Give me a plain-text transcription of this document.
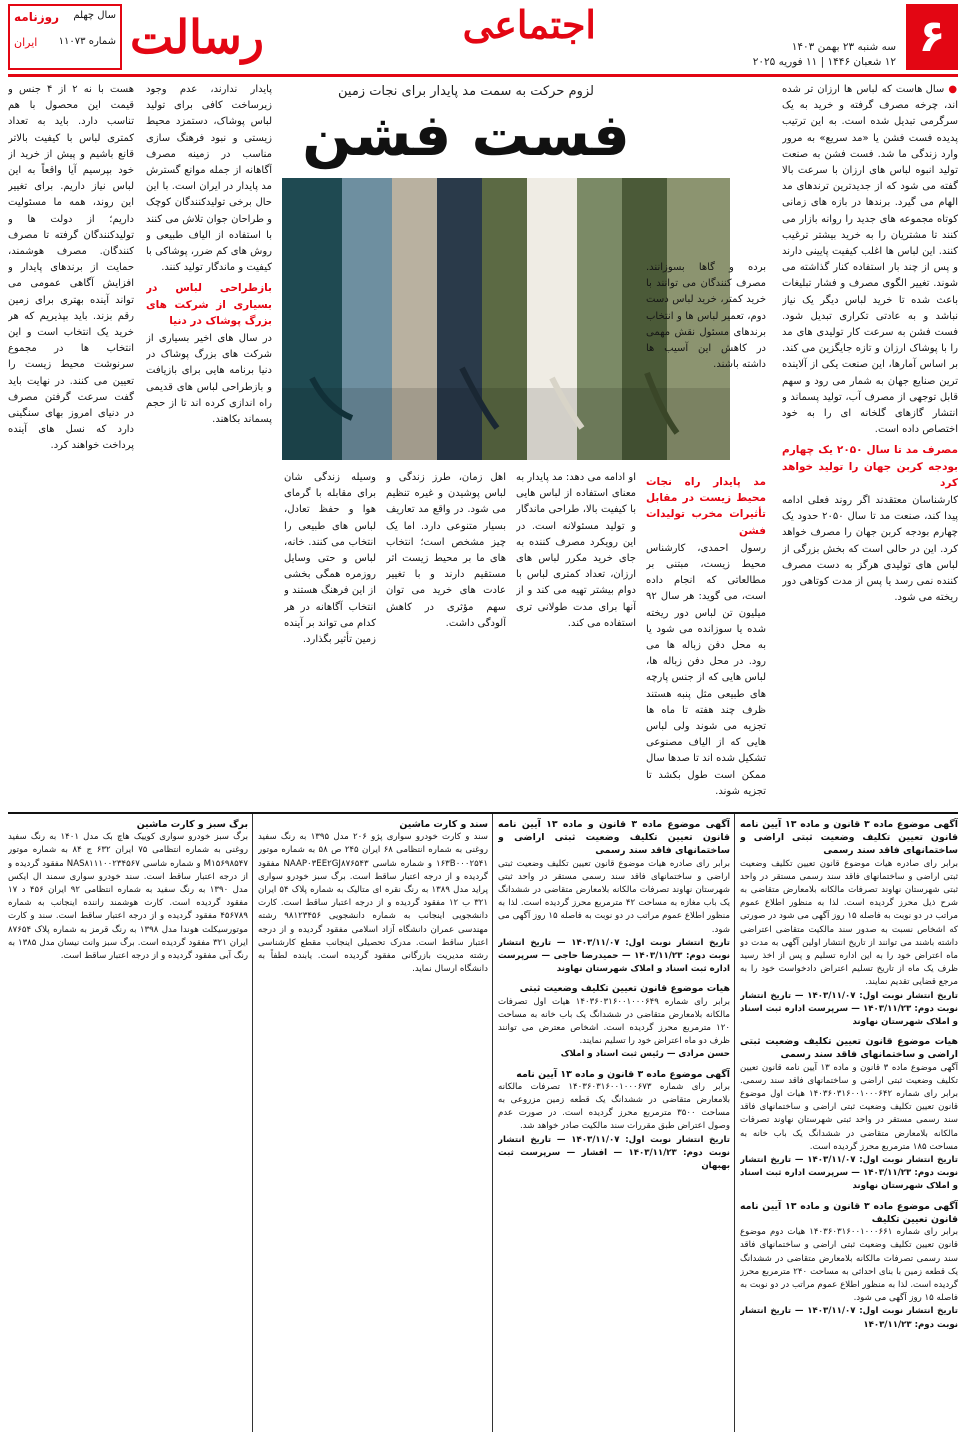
۶
سه شنبه ۲۳ بهمن ۱۴۰۳
۱۲ شعبان ۱۴۴۶ | ۱۱ فوریه ۲۰۲۵
اجتماعی
رسالت
سال چهلم
شماره ۱۱۰۷۳
روزنامه
ایران
لزوم حرکت به سمت مد پایدار برای نجات زمین
فست فشن

● سال هاست که لباس ها ارزان تر شده اند، چرخه مصرف گرفته و خرید به یک سرگرمی تبدیل شده است. به این ترتیب پدیده فست فشن یا «مد سریع» به مرور وارد زندگی ما شد. فست فشن به صنعت تولید انبوه لباس های ارزان با سرعت بالا گفته می شود که از جدیدترین ترندهای مد الهام می گیرد. برندها در بازه های زمانی کوتاه مجموعه های جدید را روانه بازار می کنند تا مشتریان را به خرید بیشتر ترغیب کنند. این لباس ها اغلب کیفیت پایینی دارند و پس از چند بار استفاده کنار گذاشته می شوند. تغییر الگوی مصرف و فشار تبلیغات باعث شده تا خرید لباس دیگر یک نیاز نباشد و به عادتی تکراری تبدیل شود. فست فشن به سرعت کار تولیدی های مد را با پوشاک ارزان و تازه جایگزین می کند. بر اساس آمارها، این صنعت یکی از آلاینده ترین صنایع جهان به شمار می رود و سهم قابل توجهی از مصرف آب، تولید پسماند و انتشار گازهای گلخانه ای را به خود اختصاص داده است.

مصرف مد تا سال ۲۰۵۰ یک چهارم بودجه کربن جهان را تولید خواهد کرد

کارشناسان معتقدند اگر روند فعلی ادامه پیدا کند، صنعت مد تا سال ۲۰۵۰ حدود یک چهارم بودجه کربن جهان را مصرف خواهد کرد. این در حالی است که بخش بزرگی از لباس های تولیدی هرگز به دست مصرف کننده نمی رسد یا پس از مدت کوتاهی دور ریخته می شود.

برده و گاها بسوزانند. مصرف کنندگان می توانند با خرید کمتر، خرید لباس دست دوم، تعمیر لباس ها و انتخاب برندهای مسئول نقش مهمی در کاهش این آسیب ها داشته باشند.

مد پایدار راه نجات محیط زیست در مقابل تأثیرات مخرب تولیدات فشن

رسول احمدی، کارشناس محیط زیست، مبتنی بر مطالعاتی که انجام داده است، می گوید: هر سال ۹۲ میلیون تن لباس دور ریخته شده یا سوزانده می شود یا به محل دفن زباله ها می رود. در محل دفن زباله ها، لباس هایی که از جنس پارچه های طبیعی مثل پنبه هستند ظرف چند هفته تا ماه ها تجزیه می شوند ولی لباس هایی که از الیاف مصنوعی تشکیل شده اند تا صدها سال ممکن است طول بکشد تا تجزیه شوند.

او ادامه می دهد: مد پایدار به معنای استفاده از لباس هایی با کیفیت بالا، طراحی ماندگار و تولید مسئولانه است. در این رویکرد مصرف کننده به جای خرید مکرر لباس های ارزان، تعداد کمتری لباس با دوام بیشتر تهیه می کند و از آنها برای مدت طولانی تری استفاده می کند.

اهل زمان، طرز زندگی و لباس پوشیدن و غیره تنظیم می شود. در واقع مد تعاریف بسیار متنوعی دارد. اما یک چیز مشخص است؛ انتخاب های ما بر محیط زیست اثر مستقیم دارند و با تغییر عادت های خرید می توان سهم مؤثری در کاهش آلودگی داشت.

وسیله زندگی شان برای مقابله با گرمای هوا و حفظ تعادل، لباس های طبیعی را انتخاب می کنند. خانه، لباس و حتی وسایل روزمره همگی بخشی از این فرهنگ هستند و انتخاب آگاهانه در هر کدام می تواند بر آینده زمین تأثیر بگذارد.

پایدار ندارند، عدم وجود زیرساخت کافی برای تولید لباس پوشاک، دستمزد محیط زیستی و نبود فرهنگ سازی مناسب در زمینه مصرف آگاهانه از جمله موانع گسترش مد پایدار در ایران است. با این حال برخی تولیدکنندگان کوچک و طراحان جوان تلاش می کنند با استفاده از الیاف طبیعی و روش های کم ضرر، پوشاکی با کیفیت و ماندگار تولید کنند.

بازطراحی لباس در بسیاری از شرکت های بزرگ پوشاک در دنیا

در سال های اخیر بسیاری از شرکت های بزرگ پوشاک در دنیا برنامه هایی برای بازیافت و بازطراحی لباس های قدیمی راه اندازی کرده اند تا از حجم پسماند بکاهند.

هست با نه ۲ از ۴ جنس و قیمت این محصول با هم تناسب دارد. باید به تعداد کمتری لباس با کیفیت بالاتر قانع باشیم و پیش از خرید از خود بپرسیم آیا واقعاً به این لباس نیاز داریم. برای تغییر این روند، همه ما مسئولیت داریم؛ از دولت ها و تولیدکنندگان گرفته تا مصرف کنندگان. مصرف هوشمند، حمایت از برندهای پایدار و افزایش آگاهی عمومی می تواند آینده بهتری برای زمین رقم بزند. باید بپذیریم که هر خرید یک انتخاب است و این انتخاب ها در مجموع سرنوشت محیط زیست را تعیین می کنند. در نهایت باید گفت سرعت گرفتن مصرف در دنیای امروز بهای سنگینی دارد که نسل های آینده پرداخت خواهند کرد.

آگهی موضوع ماده ۳ قانون و ماده ۱۳ آیین نامه قانون تعیین تکلیف وضعیت ثبتی اراضی و ساختمانهای فاقد سند رسمی
برابر رای صادره هیات موضوع قانون تعیین تکلیف وضعیت ثبتی اراضی و ساختمانهای فاقد سند رسمی مستقر در واحد ثبتی شهرستان نهاوند تصرفات مالکانه بلامعارض متقاضی به شرح ذیل محرز گردیده است. لذا به منظور اطلاع عموم مراتب در دو نوبت به فاصله ۱۵ روز آگهی می شود در صورتی که اشخاص نسبت به صدور سند مالکیت متقاضی اعتراضی داشته باشند می توانند از تاریخ انتشار اولین آگهی به مدت دو ماه اعتراض خود را به این اداره تسلیم و پس از اخذ رسید ظرف یک ماه از تاریخ تسلیم اعتراض دادخواست خود را به مرجع قضایی تقدیم نمایند.
تاریخ انتشار نوبت اول: ۱۴۰۳/۱۱/۰۷ — تاریخ انتشار نوبت دوم: ۱۴۰۳/۱۱/۲۳ — سرپرست اداره ثبت اسناد و املاک شهرستان نهاوند
هیات موضوع قانون تعیین تکلیف وضعیت ثبتی اراضی و ساختمانهای فاقد سند رسمی
آگهی موضوع ماده ۳ قانون و ماده ۱۳ آیین نامه قانون تعیین تکلیف وضعیت ثبتی اراضی و ساختمانهای فاقد سند رسمی. برابر رای شماره ۱۴۰۳۶۰۳۱۶۰۰۱۰۰۰۶۴۲ هیات اول موضوع قانون تعیین تکلیف وضعیت ثبتی اراضی و ساختمانهای فاقد سند رسمی مستقر در واحد ثبتی شهرستان نهاوند تصرفات مالکانه بلامعارض متقاضی در ششدانگ یک باب خانه به مساحت ۱۸۵ مترمربع محرز گردیده است.
تاریخ انتشار نوبت اول: ۱۴۰۳/۱۱/۰۷ — تاریخ انتشار نوبت دوم: ۱۴۰۳/۱۱/۲۳ — سرپرست اداره ثبت اسناد و املاک شهرستان نهاوند
آگهی موضوع ماده ۳ قانون و ماده ۱۳ آیین نامه قانون تعیین تکلیف
برابر رای شماره ۱۴۰۳۶۰۳۱۶۰۰۱۰۰۰۶۶۱ هیات دوم موضوع قانون تعیین تکلیف وضعیت ثبتی اراضی و ساختمانهای فاقد سند رسمی تصرفات مالکانه بلامعارض متقاضی در ششدانگ یک قطعه زمین با بنای احداثی به مساحت ۲۴۰ مترمربع محرز گردیده است. لذا به منظور اطلاع عموم مراتب در دو نوبت به فاصله ۱۵ روز آگهی می شود.
تاریخ انتشار نوبت اول: ۱۴۰۳/۱۱/۰۷ — تاریخ انتشار نوبت دوم: ۱۴۰۳/۱۱/۲۳
آگهی موضوع ماده ۳ قانون و ماده ۱۳ آیین نامه قانون تعیین تکلیف وضعیت ثبتی اراضی و ساختمانهای فاقد سند رسمی
برابر رای صادره هیات موضوع قانون تعیین تکلیف وضعیت ثبتی اراضی و ساختمانهای فاقد سند رسمی مستقر در واحد ثبتی شهرستان نهاوند تصرفات مالکانه بلامعارض متقاضی در ششدانگ یک باب مغازه به مساحت ۴۲ مترمربع محرز گردیده است. لذا به منظور اطلاع عموم مراتب در دو نوبت به فاصله ۱۵ روز آگهی می شود.
تاریخ انتشار نوبت اول: ۱۴۰۳/۱۱/۰۷ — تاریخ انتشار نوبت دوم: ۱۴۰۳/۱۱/۲۳ — حمیدرضا حاجی — سرپرست اداره ثبت اسناد و املاک شهرستان نهاوند
هیات موضوع قانون تعیین تکلیف وضعیت ثبتی
برابر رای شماره ۱۴۰۳۶۰۳۱۶۰۰۱۰۰۰۶۴۹ هیات اول تصرفات مالکانه بلامعارض متقاضی در ششدانگ یک باب خانه به مساحت ۱۲۰ مترمربع محرز گردیده است. اشخاص معترض می توانند ظرف دو ماه اعتراض خود را تسلیم نمایند.
حسن مرادی — رئیس ثبت اسناد و املاک
آگهی موضوع ماده ۳ قانون و ماده ۱۳ آیین نامه
برابر رای شماره ۱۴۰۳۶۰۳۱۶۰۰۱۰۰۰۶۷۳ تصرفات مالکانه بلامعارض متقاضی در ششدانگ یک قطعه زمین مزروعی به مساحت ۳۵۰۰ مترمربع محرز گردیده است. در صورت عدم وصول اعتراض طبق مقررات سند مالکیت صادر خواهد شد.
تاریخ انتشار نوبت اول: ۱۴۰۳/۱۱/۰۷ — تاریخ انتشار نوبت دوم: ۱۴۰۳/۱۱/۲۳ — افشار — سرپرست ثبت بهبهان
سند و کارت ماشین
سند و کارت خودرو سواری پژو ۲۰۶ مدل ۱۳۹۵ به رنگ سفید روغنی به شماره انتظامی ۶۸ ایران ۲۴۵ ص ۵۸ به شماره موتور ۱۶۳B۰۰۰۲۵۴۱ و شماره شاسی NAAP۰۳EE۲GJ۸۷۶۵۴۳ مفقود گردیده و از درجه اعتبار ساقط است. برگ سبز خودرو سواری پراید مدل ۱۳۸۹ به رنگ نقره ای متالیک به شماره پلاک ۵۴ ایران ۳۲۱ ب ۱۲ مفقود گردیده و از درجه اعتبار ساقط است. کارت دانشجویی اینجانب به شماره دانشجویی ۹۸۱۲۳۴۵۶ رشته مهندسی عمران دانشگاه آزاد اسلامی مفقود گردیده و از درجه اعتبار ساقط است. مدرک تحصیلی اینجانب مقطع کارشناسی رشته مدیریت بازرگانی مفقود گردیده است. یابنده لطفاً به دانشگاه ارسال نماید.
برگ سبز و کارت ماشین
برگ سبز خودرو سواری کوییک هاچ بک مدل ۱۴۰۱ به رنگ سفید روغنی به شماره انتظامی ۷۵ ایران ۶۳۲ ج ۸۴ به شماره موتور M۱۵۶۹۸۵۴۷ و شماره شاسی NAS۸۱۱۱۰۰۲۳۴۵۶۷ مفقود گردیده و از درجه اعتبار ساقط است. سند خودرو سواری سمند ال ایکس مدل ۱۳۹۰ به رنگ سفید به شماره انتظامی ۹۲ ایران ۴۵۶ د ۱۷ مفقود گردیده است. کارت هوشمند راننده اینجانب به شماره ۴۵۶۷۸۹ مفقود گردیده و از درجه اعتبار ساقط است. سند و کارت موتورسیکلت هوندا مدل ۱۳۹۸ به رنگ قرمز به شماره پلاک ۸۷۶۵۴ ایران ۳۲۱ مفقود گردیده است. برگ سبز وانت نیسان مدل ۱۳۸۵ به رنگ آبی مفقود گردیده و از درجه اعتبار ساقط است.
